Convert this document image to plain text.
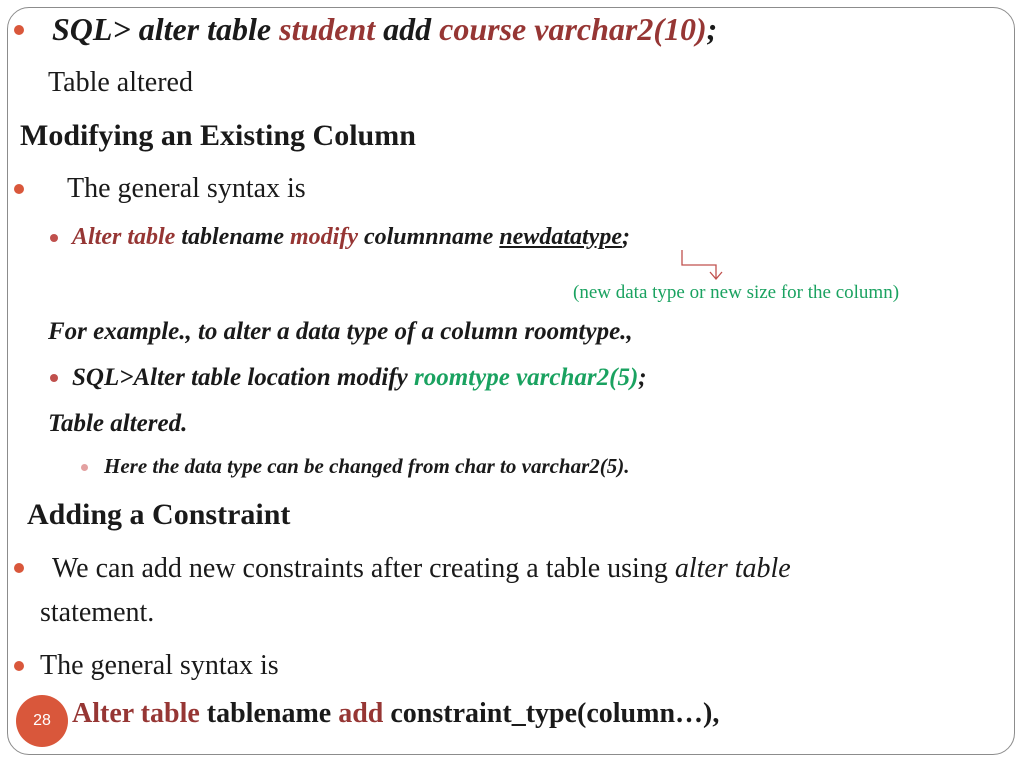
SQL> alter table student add course varchar2(10);
Table altered
Modifying an Existing Column
The general syntax is
Alter table tablename modify columnname newdatatype;
(new data type or new size for the column)
For example., to alter a data type of a column roomtype.,
SQL>Alter table location modify roomtype varchar2(5);
Table altered.
Here the data type can be changed from char to varchar2(5).
Adding a Constraint
We can add new constraints after creating a table using alter table
statement.
The general syntax is
Alter table tablename add constraint_type(column…),
28
